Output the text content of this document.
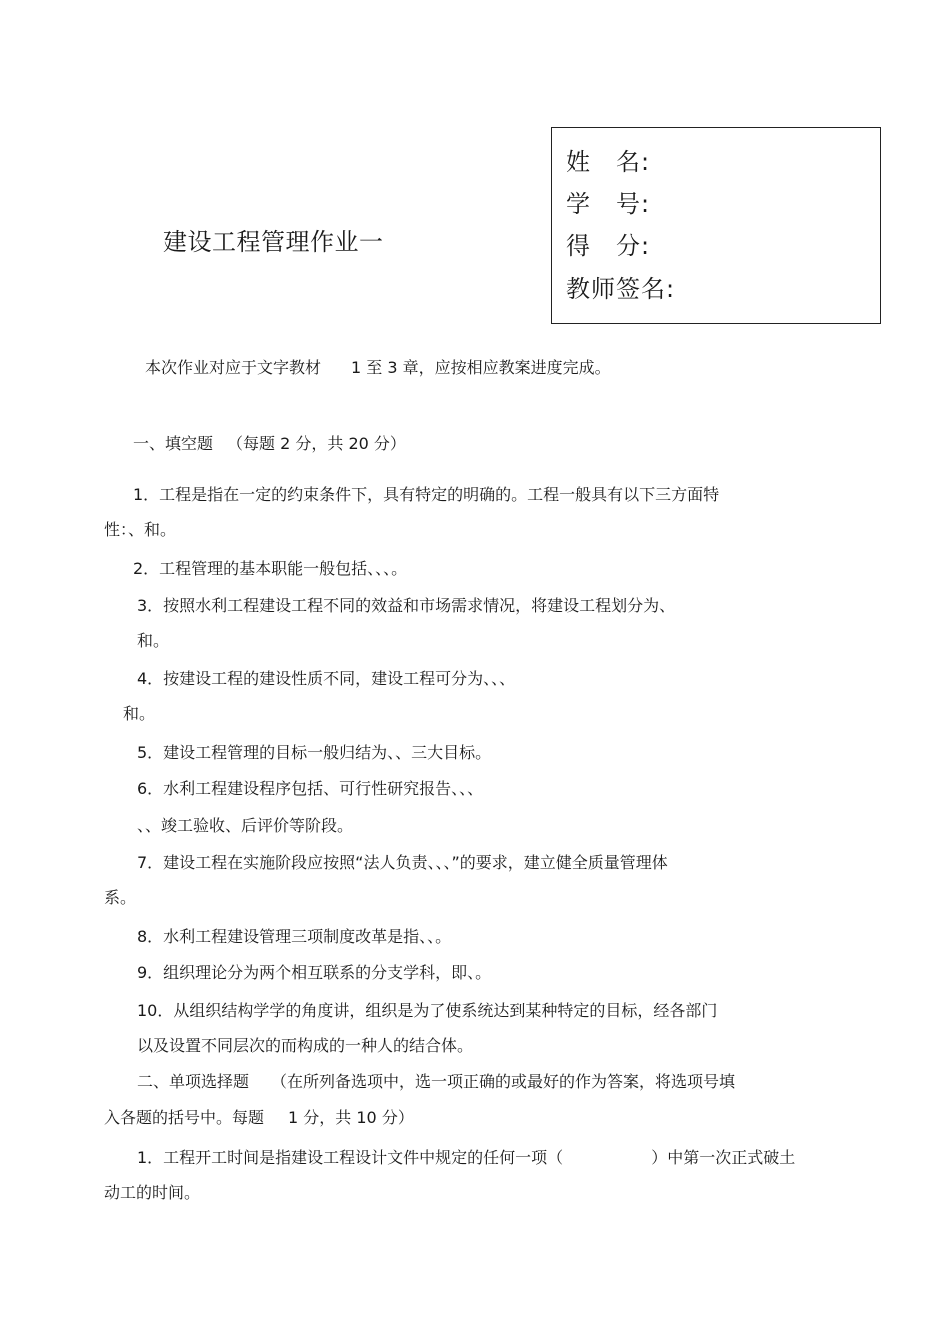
建设工程管理作业一
姓　名:
学　号:
得　分:
教师签名:
本次作业对应于文字教材 1 至 3 章，应按相应教案进度完成。
一、填空题 （每题 2 分，共 20 分）
1．工程是指在一定的约束条件下，具有特定的明确的。工程一般具有以下三方面特
性：、和。
2．工程管理的基本职能一般包括、、、。
3．按照水利工程建设工程不同的效益和市场需求情况，将建设工程划分为、
和。
4．按建设工程的建设性质不同，建设工程可分为、、、
和。
5．建设工程管理的目标一般归结为、、三大目标。
6．水利工程建设程序包括、可行性研究报告、、、
、、竣工验收、后评价等阶段。
7．建设工程在实施阶段应按照“法人负责、、、”的要求，建立健全质量管理体
系。
8．水利工程建设管理三项制度改革是指、、。
9．组织理论分为两个相互联系的分支学科，即、。
10．从组织结构学学的角度讲，组织是为了使系统达到某种特定的目标，经各部门
以及设置不同层次的而构成的一种人的结合体。
二、单项选择题 （在所列备选项中，选一项正确的或最好的作为答案，将选项号填
入各题的括号中。每题 1 分，共 10 分）
1．工程开工时间是指建设工程设计文件中规定的任何一项（	）中第一次正式破土
动工的时间。
